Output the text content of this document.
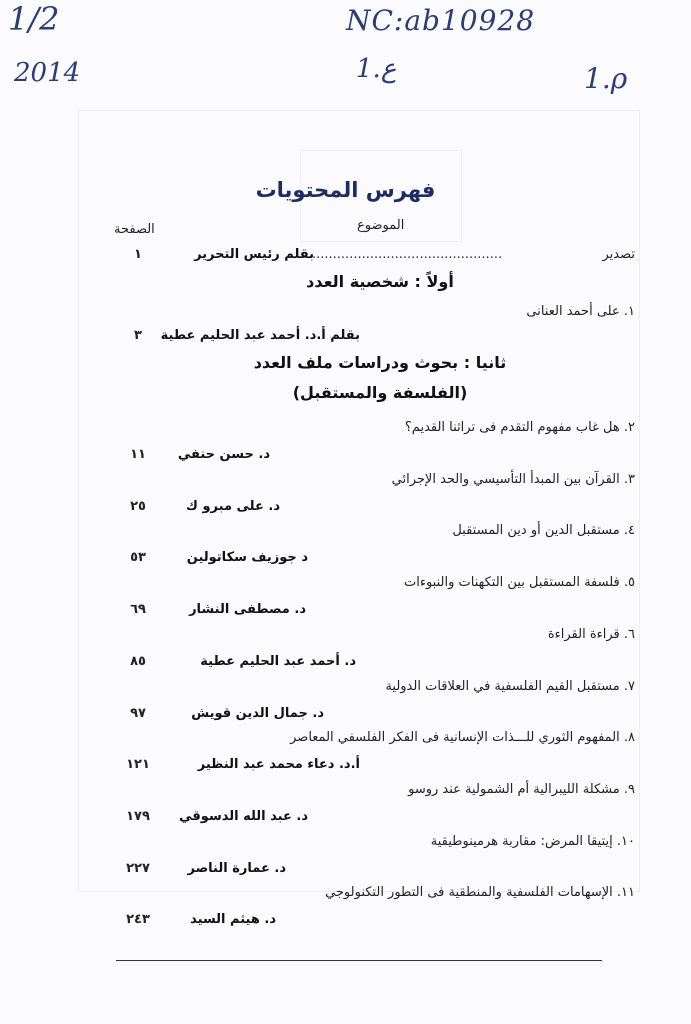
1/2
2014
NC:ab10928
1.ع	1.ρ
فهرس المحتويات
الصفحة	الموضوع
تصدير
..............................................
بقلم رئيس التحرير
١
أولاً : شخصية العدد
١. على أحمد العنانى
بقلم أ.د. أحمد عبد الحليم عطية
٣
ثانيا : بحوث ودراسات ملف العدد
(الفلسفة والمستقبل)
٢. هل غاب مفهوم التقدم فى تراثنا القديم؟
د. حسن حنفي
١١
٣. القرآن بين المبدأ التأسيسي والحد الإجرائي
د. على مبرو ك
٢٥
٤. مستقبل الدين أو دين المستقبل
د جوزيف سكاتولين
٥٣
٥. فلسفة المستقبل بين التكهنات والنبوءات
د. مصطفى النشار
٦٩
٦. قراءة القراءة
د. أحمد عبد الحليم عطية
٨٥
٧. مستقبل القيم الفلسفية في العلاقات الدولية
د. جمال الدين قويش
٩٧
٨. المفهوم الثوري للـــذات الإنسانية فى الفكر الفلسفي المعاصر
أ.د. دعاء محمد عبد النظير
١٢١
٩. مشكلة الليبرالية أم الشمولية عند روسو
د. عبد الله الدسوقي
١٧٩
١٠. إيتيقا المرض: مقاربة هرمينوطيقية
د. عمارة الناصر
٢٢٧
١١. الإسهامات الفلسفية والمنطقية فى التطور التكنولوجي
د. هيثم السيد
٢٤٣
